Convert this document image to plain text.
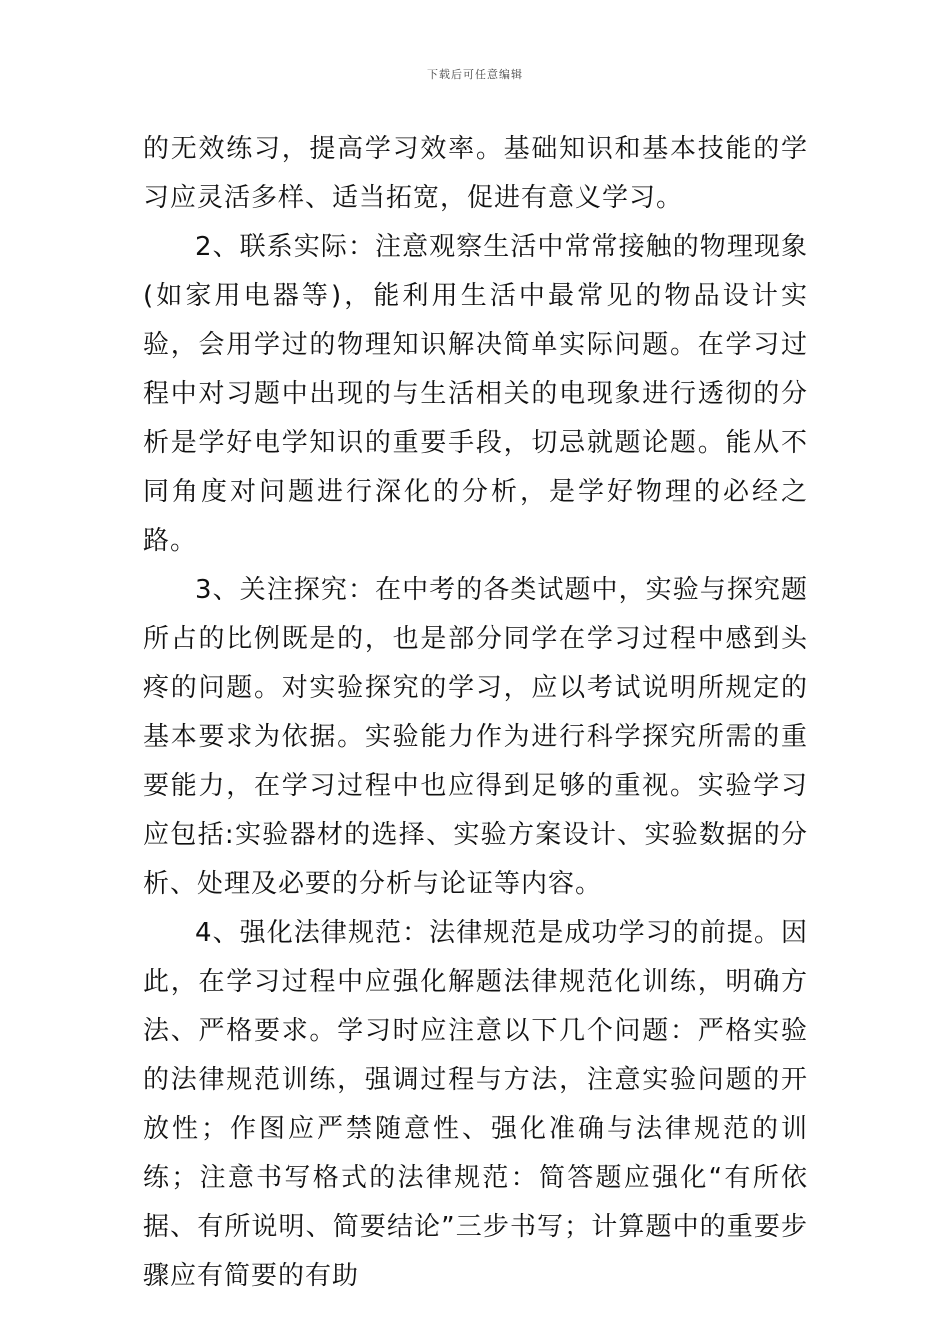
下载后可任意编辑

的无效练习，提高学习效率。基础知识和基本技能的学习应灵活多样、适当拓宽，促进有意义学习。

2、联系实际：注意观察生活中常常接触的物理现象(如家用电器等)，能利用生活中最常见的物品设计实验，会用学过的物理知识解决简单实际问题。在学习过程中对习题中出现的与生活相关的电现象进行透彻的分析是学好电学知识的重要手段，切忌就题论题。能从不同角度对问题进行深化的分析，是学好物理的必经之路。

3、关注探究：在中考的各类试题中，实验与探究题所占的比例既是的，也是部分同学在学习过程中感到头疼的问题。对实验探究的学习，应以考试说明所规定的基本要求为依据。实验能力作为进行科学探究所需的重要能力，在学习过程中也应得到足够的重视。实验学习应包括:实验器材的选择、实验方案设计、实验数据的分析、处理及必要的分析与论证等内容。

4、强化法律规范：法律规范是成功学习的前提。因此，在学习过程中应强化解题法律规范化训练，明确方法、严格要求。学习时应注意以下几个问题：严格实验的法律规范训练，强调过程与方法，注意实验问题的开放性；作图应严禁随意性、强化准确与法律规范的训练；注意书写格式的法律规范：简答题应强化“有所依据、有所说明、简要结论”三步书写；计算题中的重要步骤应有简要的有助
